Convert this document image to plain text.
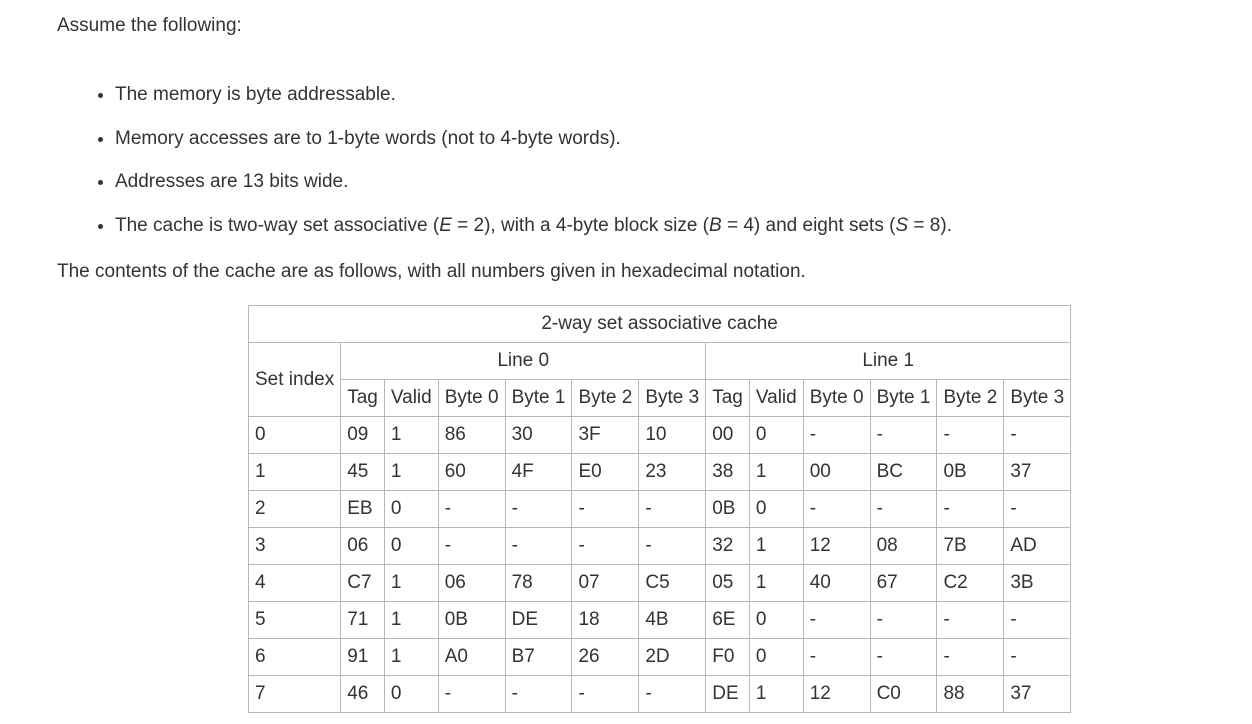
Assume the following:

• The memory is byte addressable.
• Memory accesses are to 1-byte words (not to 4-byte words).
• Addresses are 13 bits wide.
• The cache is two-way set associative (E = 2), with a 4-byte block size (B = 4) and eight sets (S = 8).

The contents of the cache are as follows, with all numbers given in hexadecimal notation.

2-way set associative cache												
Set index	Line 0						Line 1					
	Tag	Valid	Byte 0	Byte 1	Byte 2	Byte 3	Tag	Valid	Byte 0	Byte 1	Byte 2	Byte 3
0	09	1	86	30	3F	10	00	0	-	-	-	-
1	45	1	60	4F	E0	23	38	1	00	BC	0B	37
2	EB	0	-	-	-	-	0B	0	-	-	-	-
3	06	0	-	-	-	-	32	1	12	08	7B	AD
4	C7	1	06	78	07	C5	05	1	40	67	C2	3B
5	71	1	0B	DE	18	4B	6E	0	-	-	-	-
6	91	1	A0	B7	26	2D	F0	0	-	-	-	-
7	46	0	-	-	-	-	DE	1	12	C0	88	37
